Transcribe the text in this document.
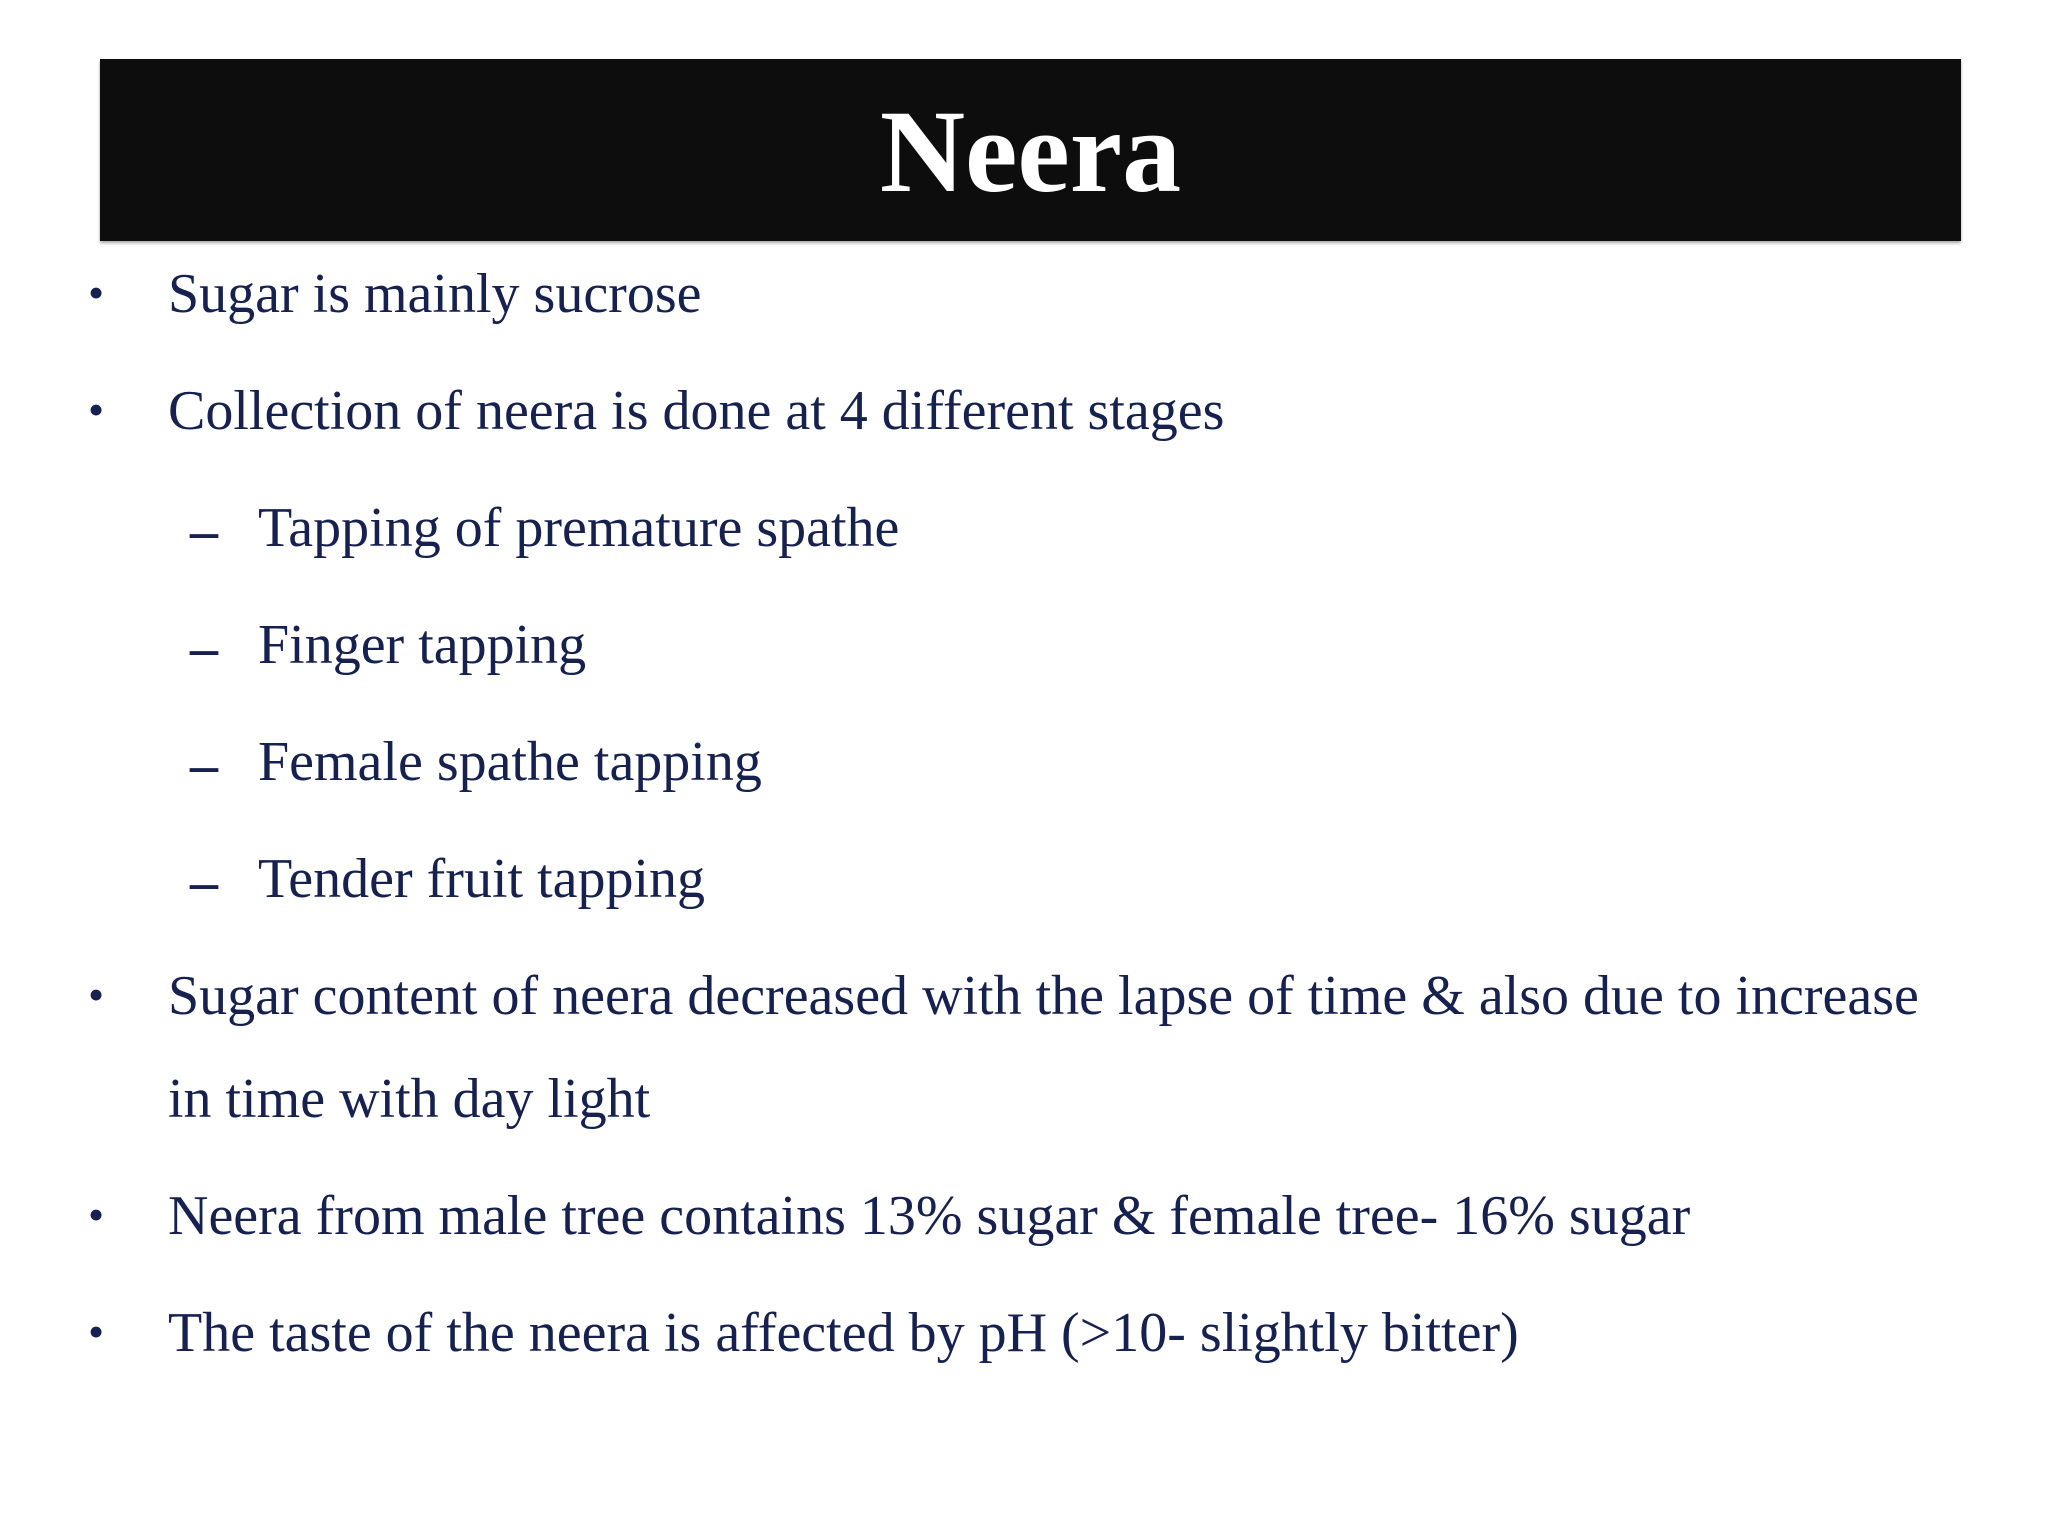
Neera
• Sugar is mainly sucrose
• Collection of neera is done at 4 different stages
– Tapping of premature spathe
– Finger tapping
– Female spathe tapping
– Tender fruit tapping
• Sugar content of neera decreased with the lapse of time & also due to increase
in time with day light
• Neera from male tree contains 13% sugar & female tree- 16% sugar
• The taste of the neera is affected by pH (>10- slightly bitter)
